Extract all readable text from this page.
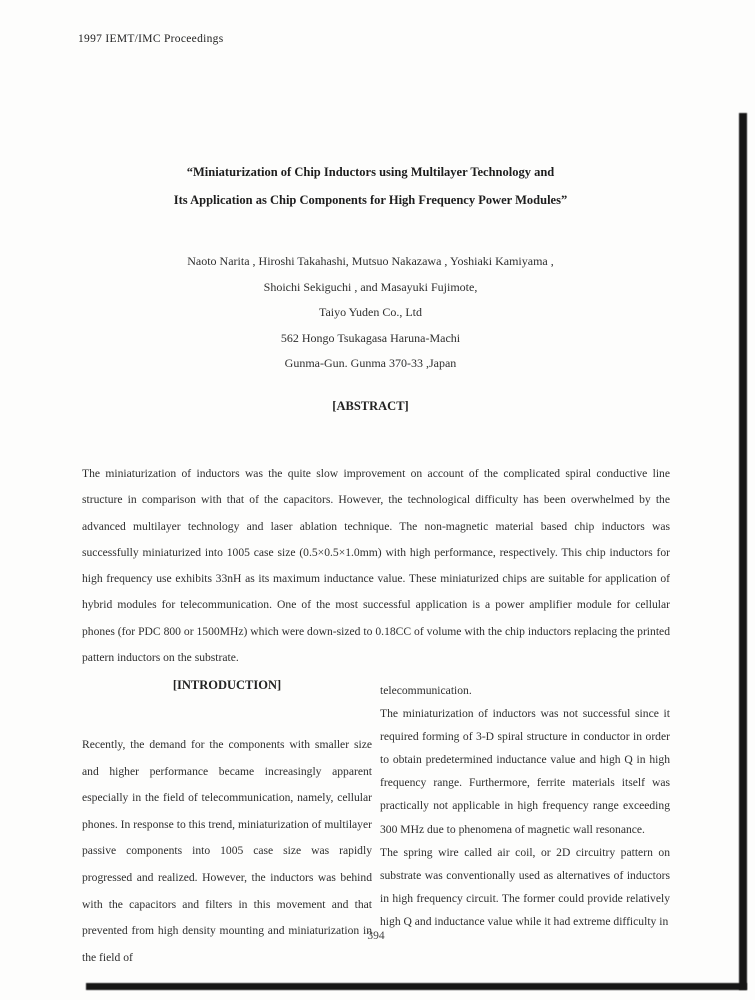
1997 IEMT/IMC Proceedings
“Miniaturization of Chip Inductors using Multilayer Technology and
Its Application as Chip Components for High Frequency Power Modules”
Naoto Narita , Hiroshi Takahashi, Mutsuo Nakazawa , Yoshiaki Kamiyama ,
Shoichi Sekiguchi , and Masayuki Fujimote,
Taiyo Yuden Co., Ltd
562 Hongo Tsukagasa Haruna-Machi
Gunma-Gun. Gunma 370-33 ,Japan
[ABSTRACT]
The miniaturization of inductors was the quite slow improvement on account of the complicated spiral conductive line structure in comparison with that of the capacitors. However, the technological difficulty has been overwhelmed by the advanced multilayer technology and laser ablation technique. The non-magnetic material based chip inductors was successfully miniaturized into 1005 case size (0.5×0.5×1.0mm) with high performance, respectively. This chip inductors for high frequency use exhibits 33nH as its maximum inductance value. These miniaturized chips are suitable for application of hybrid modules for telecommunication. One of the most successful application is a power amplifier module for cellular phones (for PDC 800 or 1500MHz) which were down-sized to 0.18CC of volume with the chip inductors replacing the printed pattern inductors on the substrate.
[INTRODUCTION]

Recently, the demand for the components with smaller size and higher performance became increasingly apparent especially in the field of telecommunication, namely, cellular phones. In response to this trend, miniaturization of multilayer passive components into 1005 case size was rapidly progressed and realized. However, the inductors was behind with the capacitors and filters in this movement and that prevented from high density mounting and miniaturization in the field of

telecommunication.

The miniaturization of inductors was not successful since it required forming of 3-D spiral structure in conductor in order to obtain predetermined inductance value and high Q in high frequency range. Furthermore, ferrite materials itself was practically not applicable in high frequency range exceeding 300 MHz due to phenomena of magnetic wall resonance.

The spring wire called air coil, or 2D circuitry pattern on substrate was conventionally used as alternatives of inductors in high frequency circuit. The former could provide relatively high Q and inductance value while it had extreme difficulty in

394
